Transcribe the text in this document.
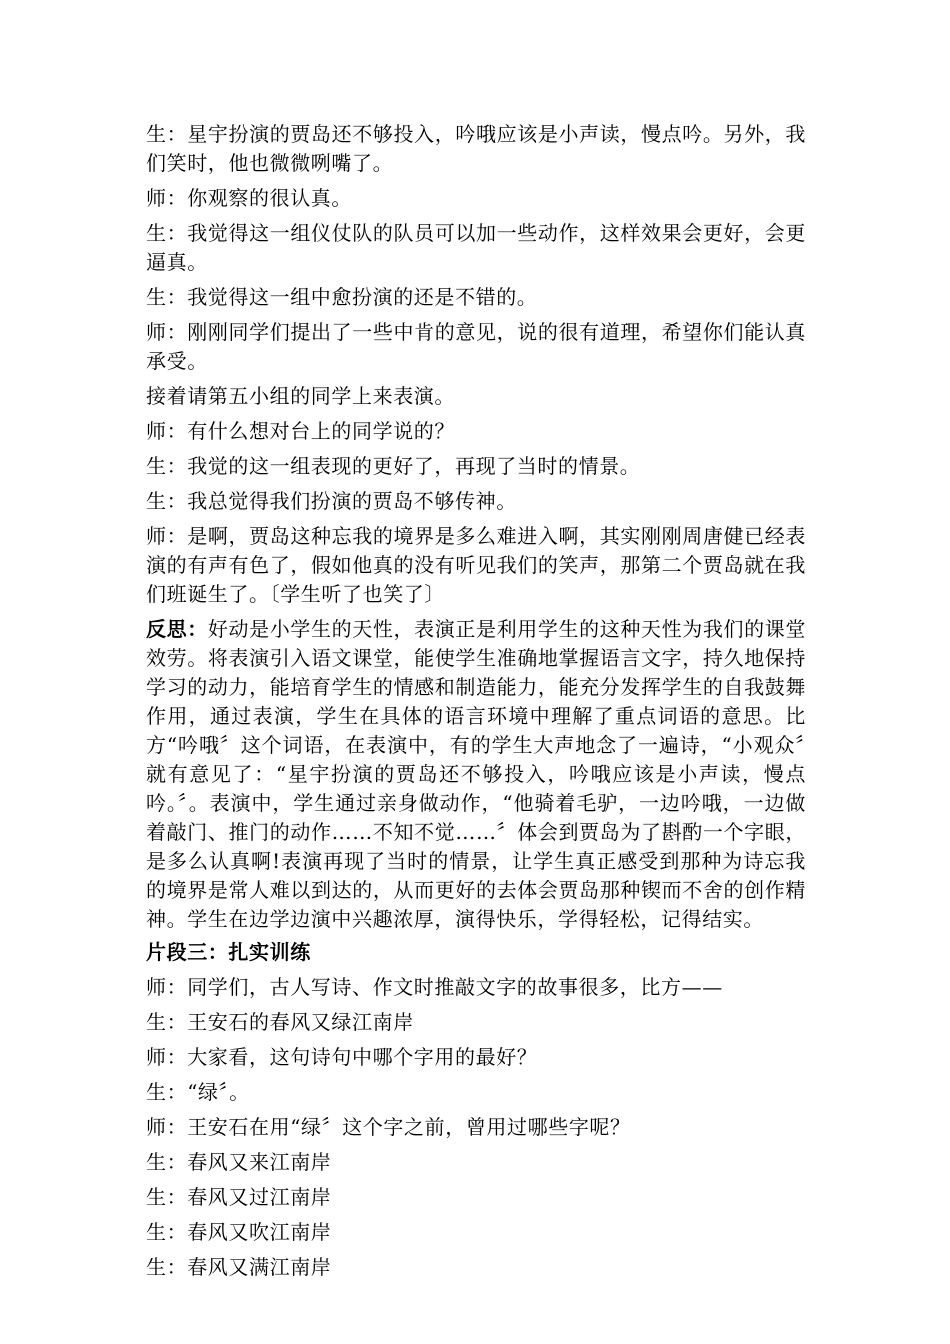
生：星宇扮演的贾岛还不够投入，吟哦应该是小声读，慢点吟。另外，我们笑时，他也微微咧嘴了。

师：你观察的很认真。

生：我觉得这一组仪仗队的队员可以加一些动作，这样效果会更好，会更逼真。

生：我觉得这一组中愈扮演的还是不错的。

师：刚刚同学们提出了一些中肯的意见，说的很有道理，希望你们能认真承受。

接着请第五小组的同学上来表演。

师：有什么想对台上的同学说的？

生：我觉的这一组表现的更好了，再现了当时的情景。

生：我总觉得我们扮演的贾岛不够传神。

师：是啊，贾岛这种忘我的境界是多么难进入啊，其实刚刚周唐健已经表演的有声有色了，假如他真的没有听见我们的笑声，那第二个贾岛就在我们班诞生了。〔学生听了也笑了〕

反思：好动是小学生的天性，表演正是利用学生的这种天性为我们的课堂效劳。将表演引入语文课堂，能使学生准确地掌握语言文字，持久地保持学习的动力，能培育学生的情感和制造能力，能充分发挥学生的自我鼓舞作用，通过表演，学生在具体的语言环境中理解了重点词语的意思。比方“吟哦〞这个词语，在表演中，有的学生大声地念了一遍诗，“小观众〞就有意见了：“星宇扮演的贾岛还不够投入，吟哦应该是小声读，慢点吟。〞。表演中，学生通过亲身做动作，“他骑着毛驴，一边吟哦，一边做着敲门、推门的动作……不知不觉……〞体会到贾岛为了斟酌一个字眼，是多么认真啊!表演再现了当时的情景，让学生真正感受到那种为诗忘我的境界是常人难以到达的，从而更好的去体会贾岛那种锲而不舍的创作精神。学生在边学边演中兴趣浓厚，演得快乐，学得轻松，记得结实。

片段三：扎实训练

师：同学们，古人写诗、作文时推敲文字的故事很多，比方——

生：王安石的春风又绿江南岸

师：大家看，这句诗句中哪个字用的最好？

生：“绿〞。

师：王安石在用“绿〞这个字之前，曾用过哪些字呢？

生：春风又来江南岸

生：春风又过江南岸

生：春风又吹江南岸

生：春风又满江南岸
